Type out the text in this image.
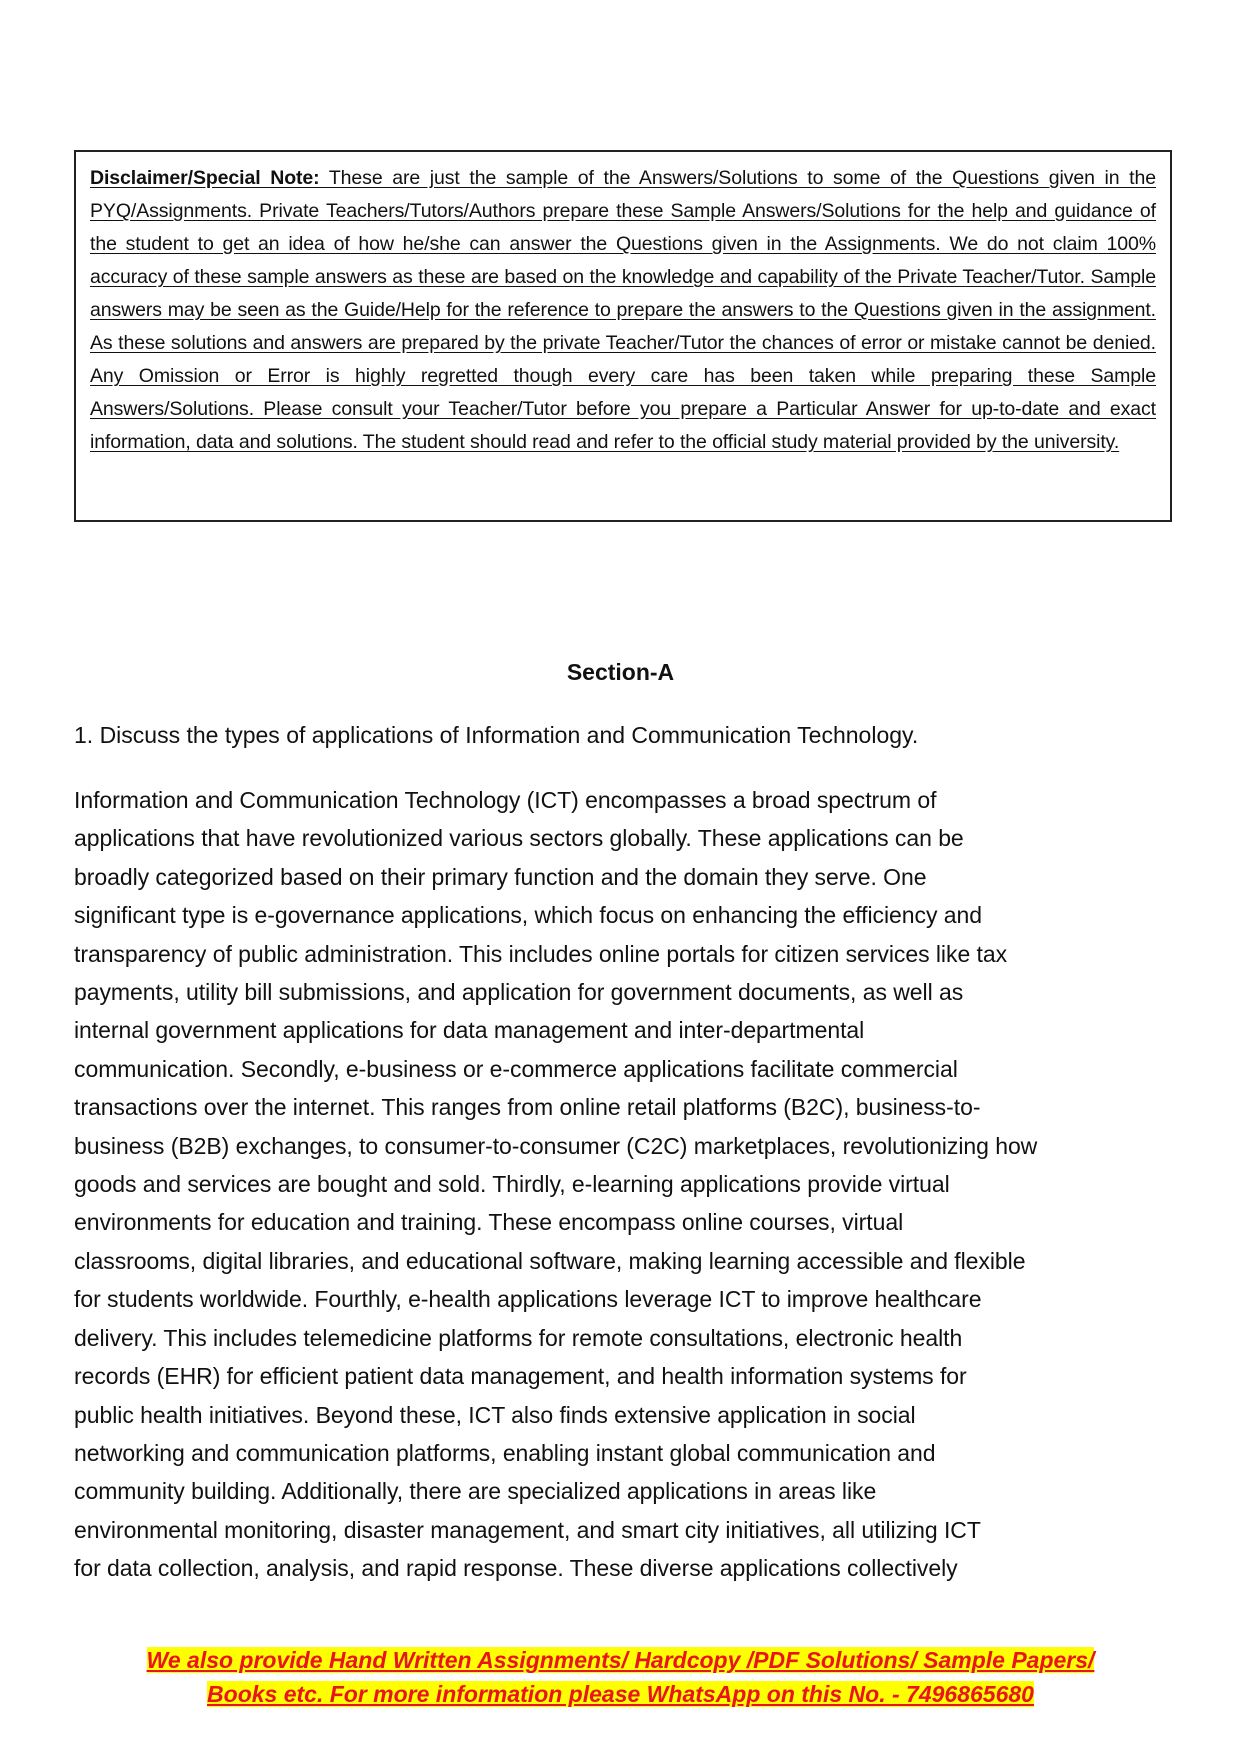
Disclaimer/Special Note: These are just the sample of the Answers/Solutions to some of the Questions given in the PYQ/Assignments. Private Teachers/Tutors/Authors prepare these Sample Answers/Solutions for the help and guidance of the student to get an idea of how he/she can answer the Questions given in the Assignments. We do not claim 100% accuracy of these sample answers as these are based on the knowledge and capability of the Private Teacher/Tutor. Sample answers may be seen as the Guide/Help for the reference to prepare the answers to the Questions given in the assignment. As these solutions and answers are prepared by the private Teacher/Tutor the chances of error or mistake cannot be denied. Any Omission or Error is highly regretted though every care has been taken while preparing these Sample Answers/Solutions. Please consult your Teacher/Tutor before you prepare a Particular Answer for up-to-date and exact information, data and solutions. The student should read and refer to the official study material provided by the university.
Section-A
1. Discuss the types of applications of Information and Communication Technology.
Information and Communication Technology (ICT) encompasses a broad spectrum of
applications that have revolutionized various sectors globally. These applications can be
broadly categorized based on their primary function and the domain they serve. One
significant type is e-governance applications, which focus on enhancing the efficiency and
transparency of public administration. This includes online portals for citizen services like tax
payments, utility bill submissions, and application for government documents, as well as
internal government applications for data management and inter-departmental
communication. Secondly, e-business or e-commerce applications facilitate commercial
transactions over the internet. This ranges from online retail platforms (B2C), business-to-
business (B2B) exchanges, to consumer-to-consumer (C2C) marketplaces, revolutionizing how
goods and services are bought and sold. Thirdly, e-learning applications provide virtual
environments for education and training. These encompass online courses, virtual
classrooms, digital libraries, and educational software, making learning accessible and flexible
for students worldwide. Fourthly, e-health applications leverage ICT to improve healthcare
delivery. This includes telemedicine platforms for remote consultations, electronic health
records (EHR) for efficient patient data management, and health information systems for
public health initiatives. Beyond these, ICT also finds extensive application in social
networking and communication platforms, enabling instant global communication and
community building. Additionally, there are specialized applications in areas like
environmental monitoring, disaster management, and smart city initiatives, all utilizing ICT
for data collection, analysis, and rapid response. These diverse applications collectively
We also provide Hand Written Assignments/ Hardcopy /PDF Solutions/ Sample Papers/
Books etc. For more information please WhatsApp on this No. - 7496865680
